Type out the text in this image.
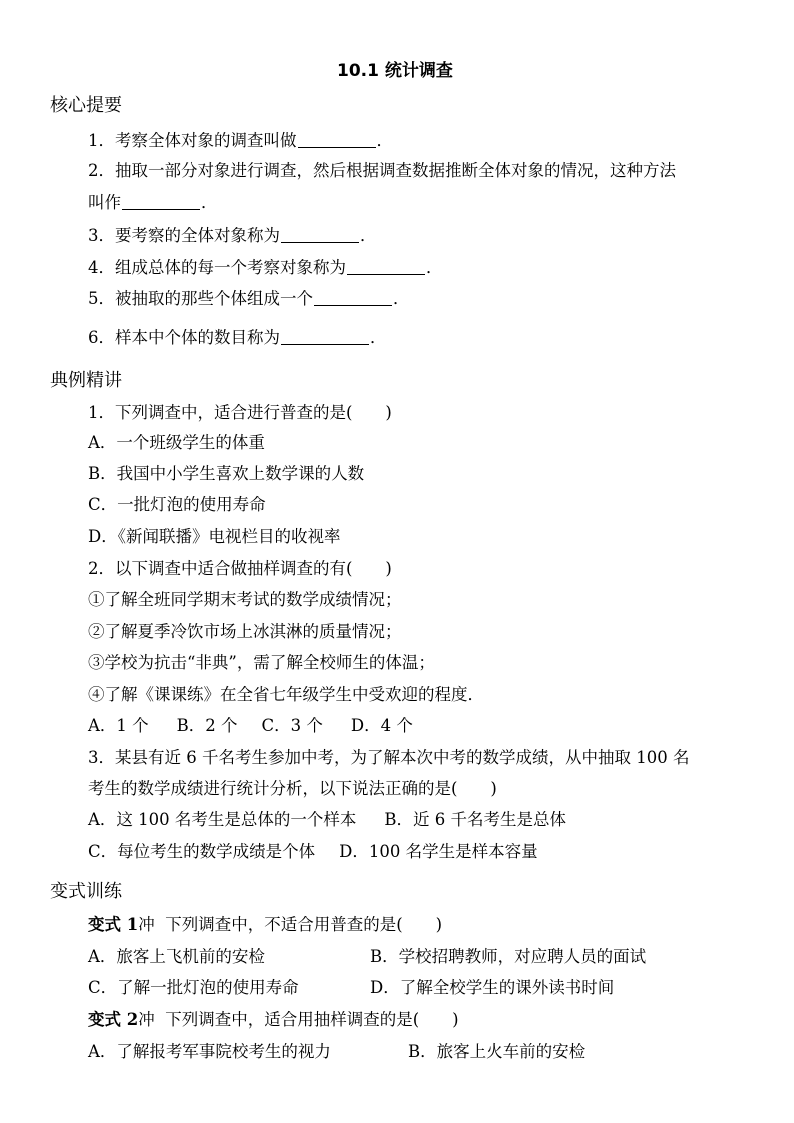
10.1 统计调查
核心提要
1．考察全体对象的调查叫做	．
2．抽取一部分对象进行调查，然后根据调查数据推断全体对象的情况，这种方法
叫作	．
3．要考察的全体对象称为	．
4．组成总体的每一个考察对象称为	．
5．被抽取的那些个体组成一个	．
6．样本中个体的数目称为	．
典例精讲
1．下列调查中，适合进行普查的是(　　)
A．一个班级学生的体重
B．我国中小学生喜欢上数学课的人数
C．一批灯泡的使用寿命
D．《新闻联播》电视栏目的收视率
2．以下调查中适合做抽样调查的有(　　)
①了解全班同学期末考试的数学成绩情况；
②了解夏季冷饮市场上冰淇淋的质量情况；
③学校为抗击“非典”，需了解全校师生的体温；
④了解《课课练》在全省七年级学生中受欢迎的程度．
A．1 个 B．2 个 C．3 个 D．4 个
3．某县有近 6 千名考生参加中考，为了解本次中考的数学成绩，从中抽取 100 名
考生的数学成绩进行统计分析，以下说法正确的是(　　)
A．这 100 名考生是总体的一个样本 B．近 6 千名考生是总体
C．每位考生的数学成绩是个体 D．100 名学生是样本容量
变式训练
变式 1冲 下列调查中，不适合用普查的是(　　)
A．旅客上飞机前的安检	B．学校招聘教师，对应聘人员的面试
C．了解一批灯泡的使用寿命	D．了解全校学生的课外读书时间
变式 2冲 下列调查中，适合用抽样调查的是(　　)
A．了解报考军事院校考生的视力	B．旅客上火车前的安检
